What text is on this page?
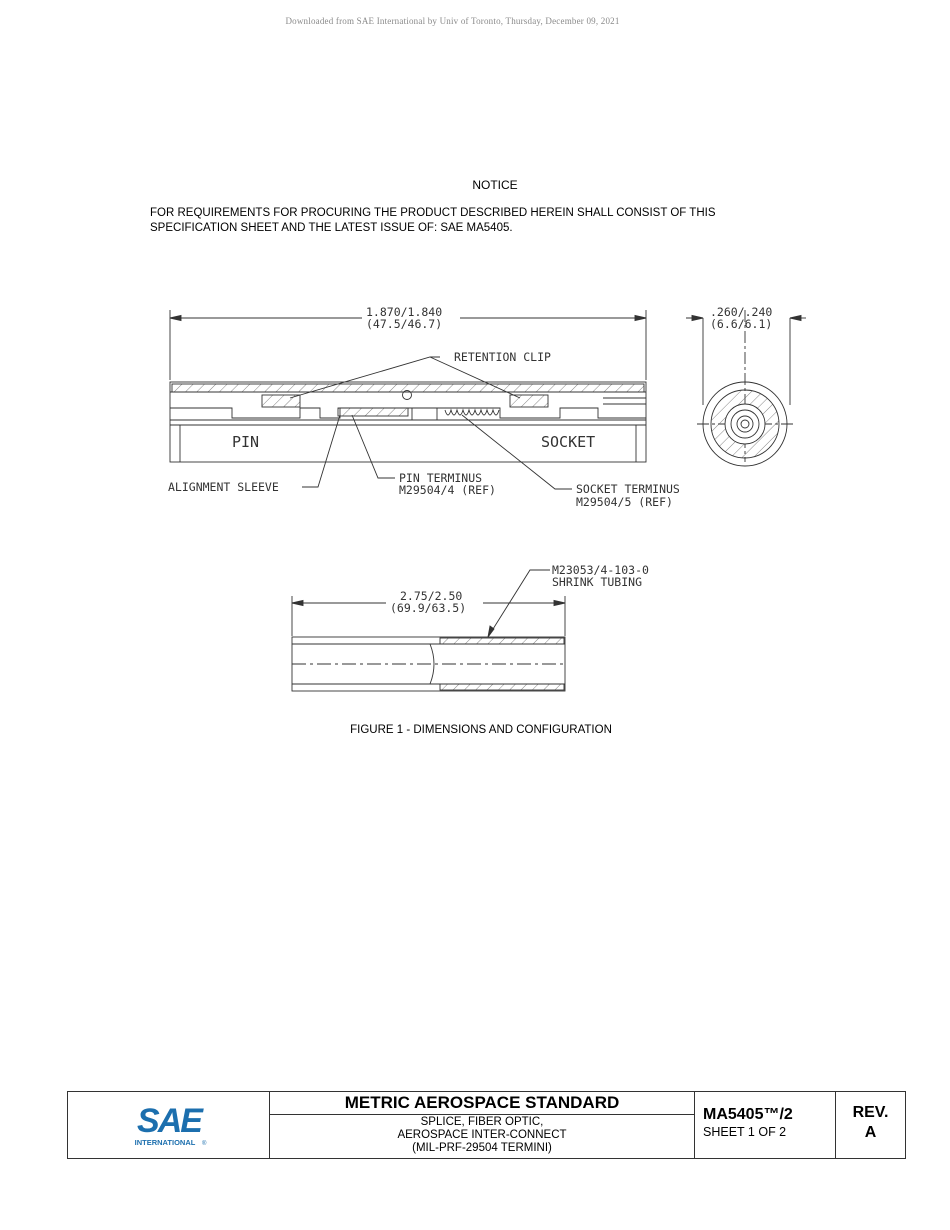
Downloaded from SAE International by Univ of Toronto, Thursday, December 09, 2021
NOTICE
FOR REQUIREMENTS FOR PROCURING THE PRODUCT DESCRIBED HEREIN SHALL CONSIST OF THIS
SPECIFICATION SHEET AND THE LATEST ISSUE OF: SAE MA5405.
1.870/1.840
(47.5/46.7)
.260/.240
(6.6/6.1)
RETENTION CLIP
PIN	SOCKET
ALIGNMENT SLEEVE
PIN TERMINUS
M29504/4 (REF)	SOCKET TERMINUS
M29504/5 (REF)
M23053/4-103-0
SHRINK TUBING
2.75/2.50
(69.9/63.5)
FIGURE 1 - DIMENSIONS AND CONFIGURATION
SAE
INTERNATIONAL ®
METRIC AEROSPACE STANDARD
SPLICE, FIBER OPTIC,
AEROSPACE INTER-CONNECT
(MIL-PRF-29504 TERMINI)
MA5405™/2
SHEET 1 OF 2
REV.
A
